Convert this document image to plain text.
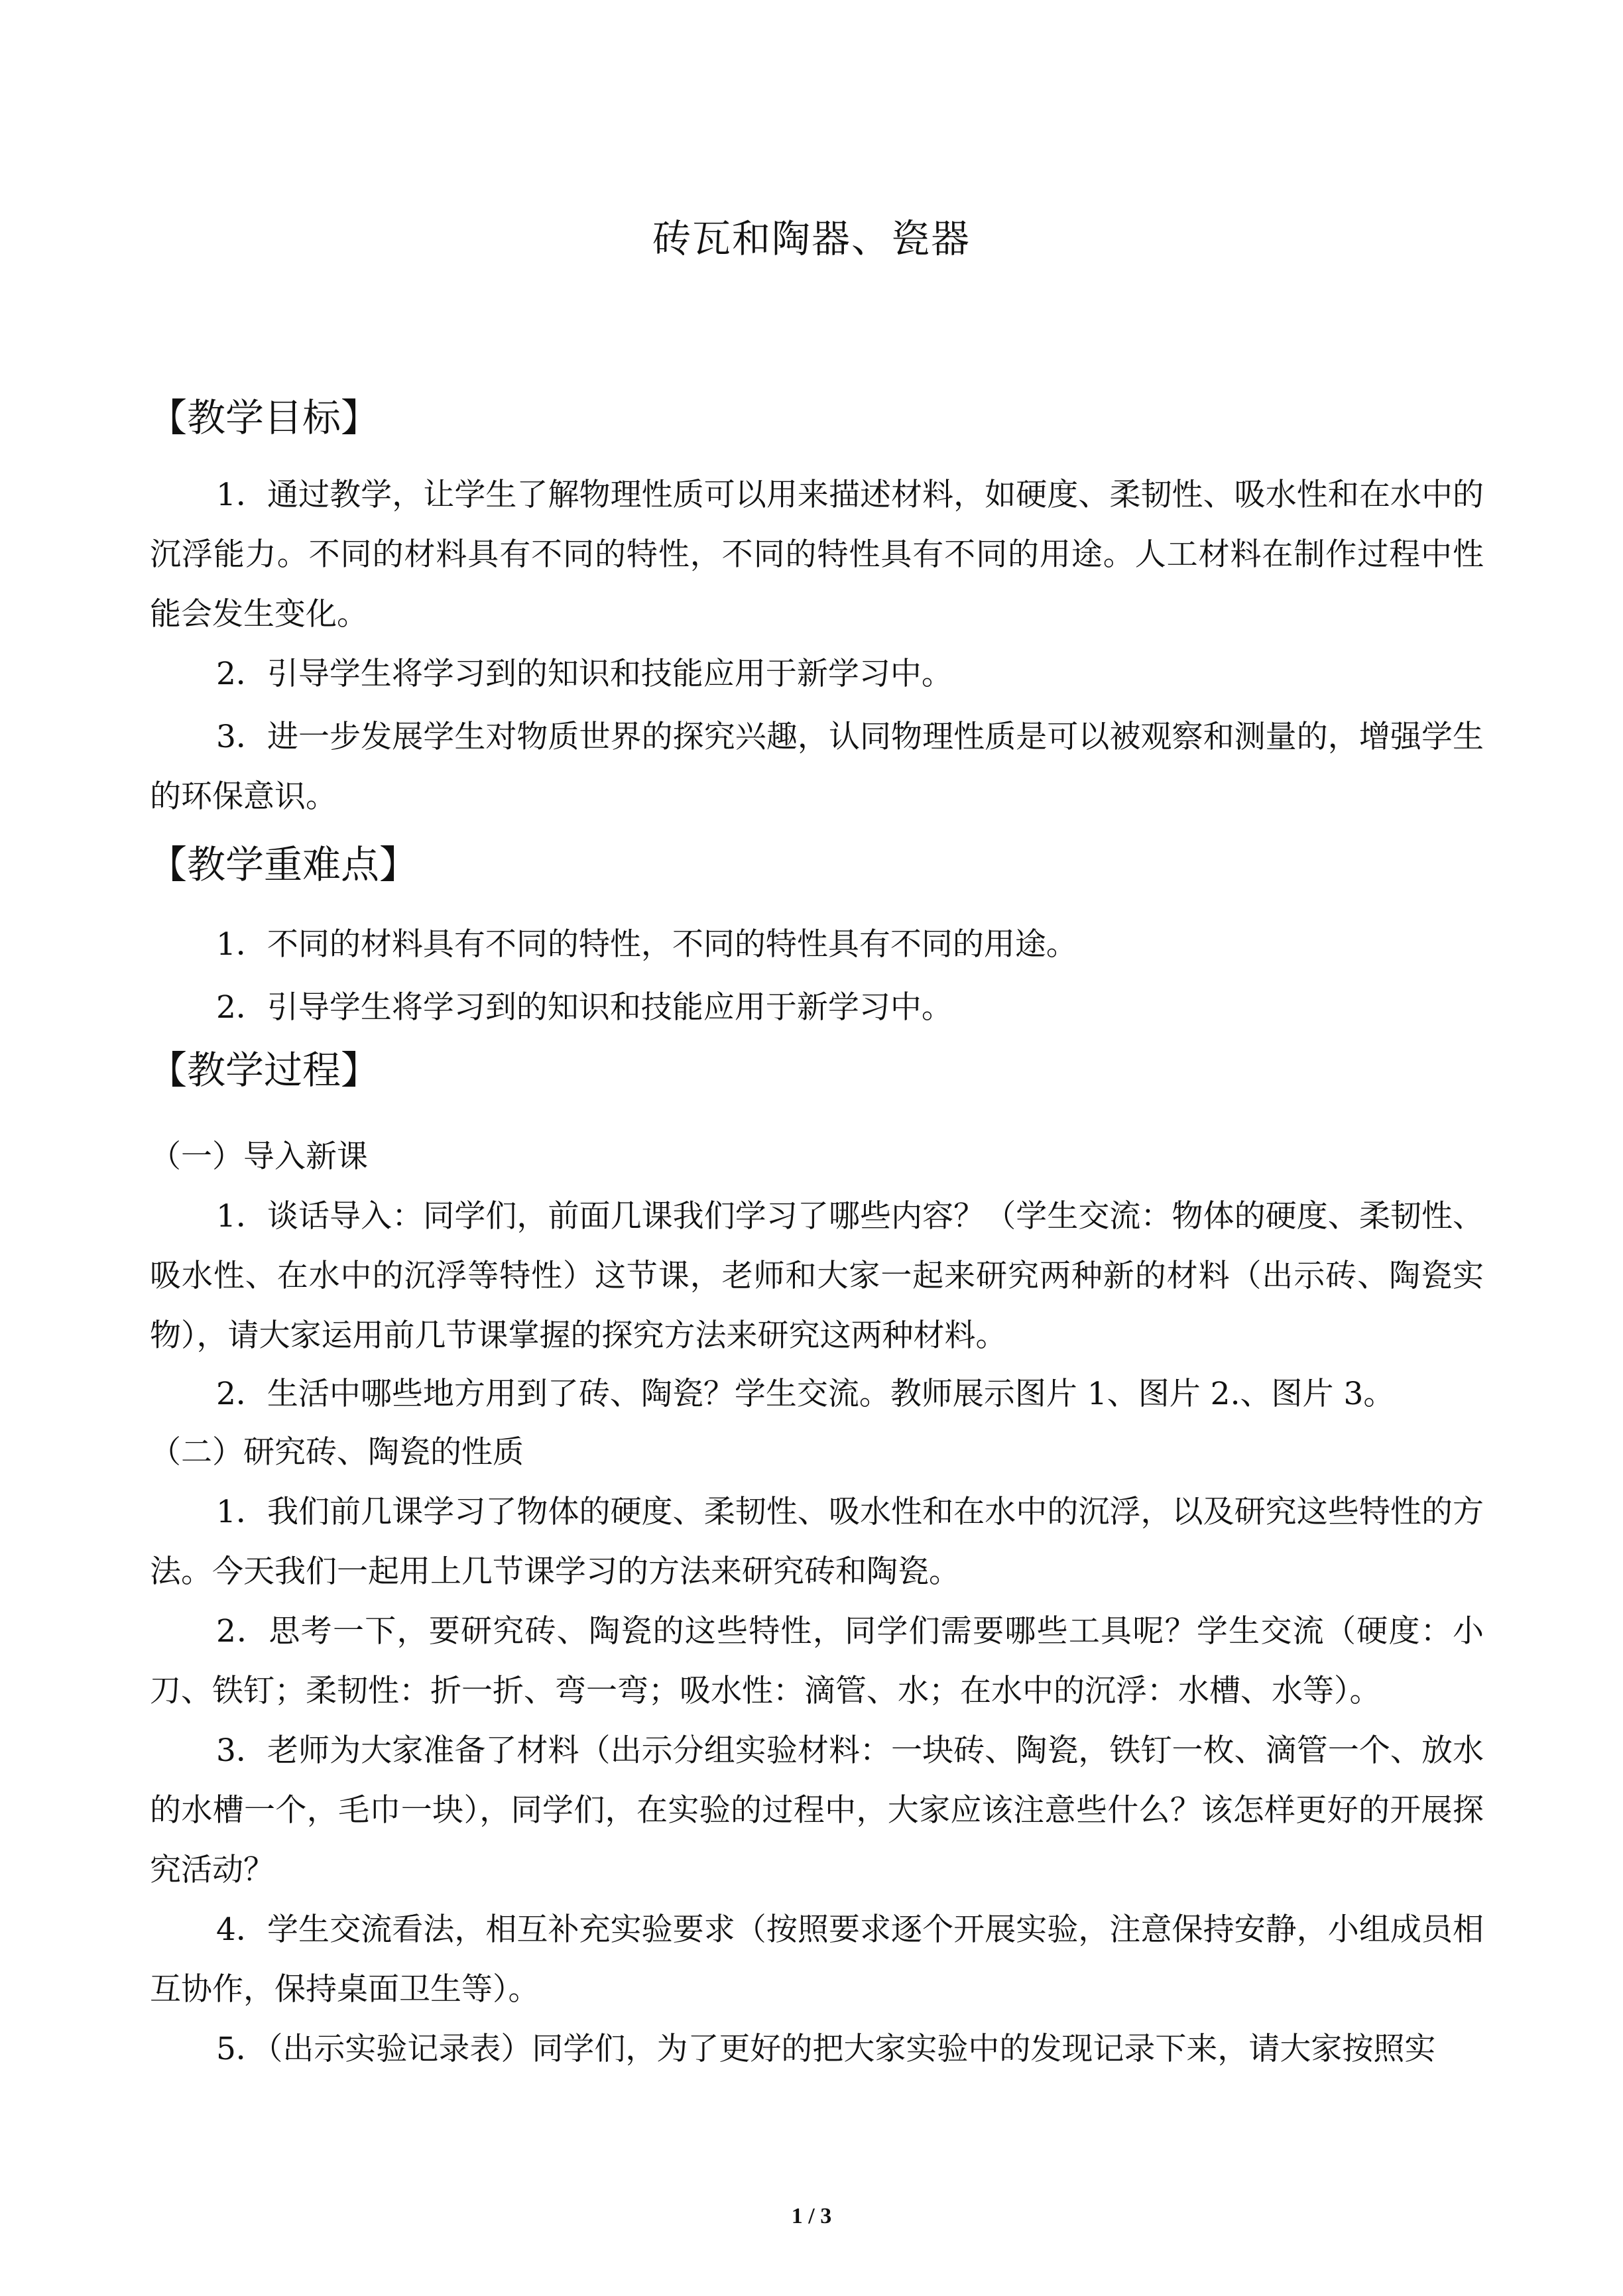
砖瓦和陶器、瓷器
【教学目标】

1．通过教学，让学生了解物理性质可以用来描述材料，如硬度、柔韧性、吸水性和在水中的沉浮能力。不同的材料具有不同的特性，不同的特性具有不同的用途。人工材料在制作过程中性能会发生变化。

2．引导学生将学习到的知识和技能应用于新学习中。

3．进一步发展学生对物质世界的探究兴趣，认同物理性质是可以被观察和测量的，增强学生的环保意识。

【教学重难点】

1．不同的材料具有不同的特性，不同的特性具有不同的用途。

2．引导学生将学习到的知识和技能应用于新学习中。

【教学过程】
（一）导入新课

1．谈话导入：同学们，前面几课我们学习了哪些内容？（学生交流：物体的硬度、柔韧性、吸水性、在水中的沉浮等特性）这节课，老师和大家一起来研究两种新的材料（出示砖、陶瓷实物），请大家运用前几节课掌握的探究方法来研究这两种材料。

2．生活中哪些地方用到了砖、陶瓷？学生交流。教师展示图片 1、图片 2.、图片 3。

（二）研究砖、陶瓷的性质

1．我们前几课学习了物体的硬度、柔韧性、吸水性和在水中的沉浮，以及研究这些特性的方法。今天我们一起用上几节课学习的方法来研究砖和陶瓷。

2．思考一下，要研究砖、陶瓷的这些特性，同学们需要哪些工具呢？学生交流（硬度：小刀、铁钉；柔韧性：折一折、弯一弯；吸水性：滴管、水；在水中的沉浮：水槽、水等）。

3．老师为大家准备了材料（出示分组实验材料：一块砖、陶瓷，铁钉一枚、滴管一个、放水的水槽一个，毛巾一块），同学们，在实验的过程中，大家应该注意些什么？该怎样更好的开展探究活动？

4．学生交流看法，相互补充实验要求（按照要求逐个开展实验，注意保持安静，小组成员相互协作，保持桌面卫生等）。

5．（出示实验记录表）同学们，为了更好的把大家实验中的发现记录下来，请大家按照实

1 / 3
